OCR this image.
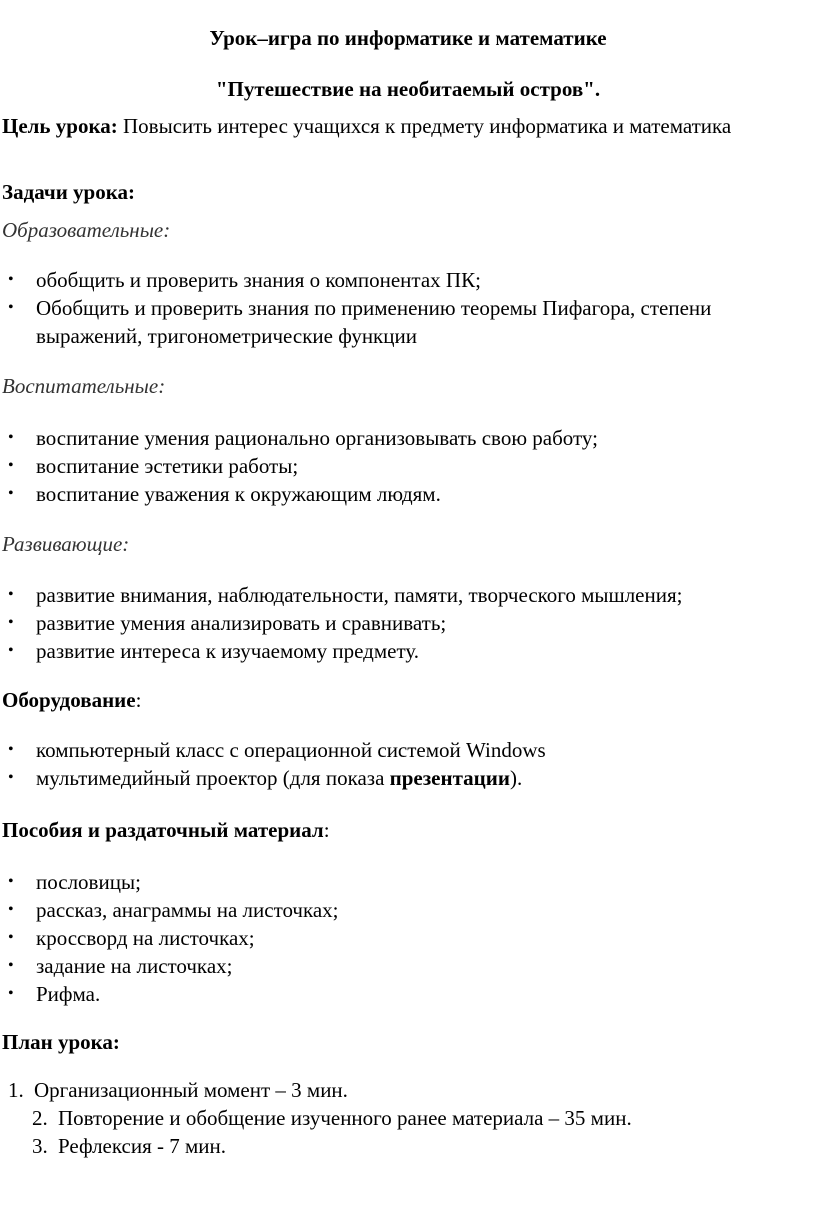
Урок–игра по информатике и математике

"Путешествие на необитаемый остров".

Цель урока: Повысить интерес учащихся к предмету информатика и математика

Задачи урока:

Образовательные:

• обобщить и проверить знания о компонентах ПК;
• Обобщить и проверить знания по применению теоремы Пифагора, степени выражений, тригонометрические функции

Воспитательные:

• воспитание умения рационально организовывать свою работу;
• воспитание эстетики работы;
• воспитание уважения к окружающим людям.

Развивающие:

• развитие внимания, наблюдательности, памяти, творческого мышления;
• развитие умения анализировать и сравнивать;
• развитие интереса к изучаемому предмету.

Оборудование:

• компьютерный класс с операционной системой Windows
• мультимедийный проектор (для показа презентации).

Пособия и раздаточный материал:

• пословицы;
• рассказ, анаграммы на листочках;
• кроссворд на листочках;
• задание на листочках;
• Рифма.

План урока:

1. Организационный момент – 3 мин.
2. Повторение и обобщение изученного ранее материала – 35 мин.
3. Рефлексия - 7 мин.
